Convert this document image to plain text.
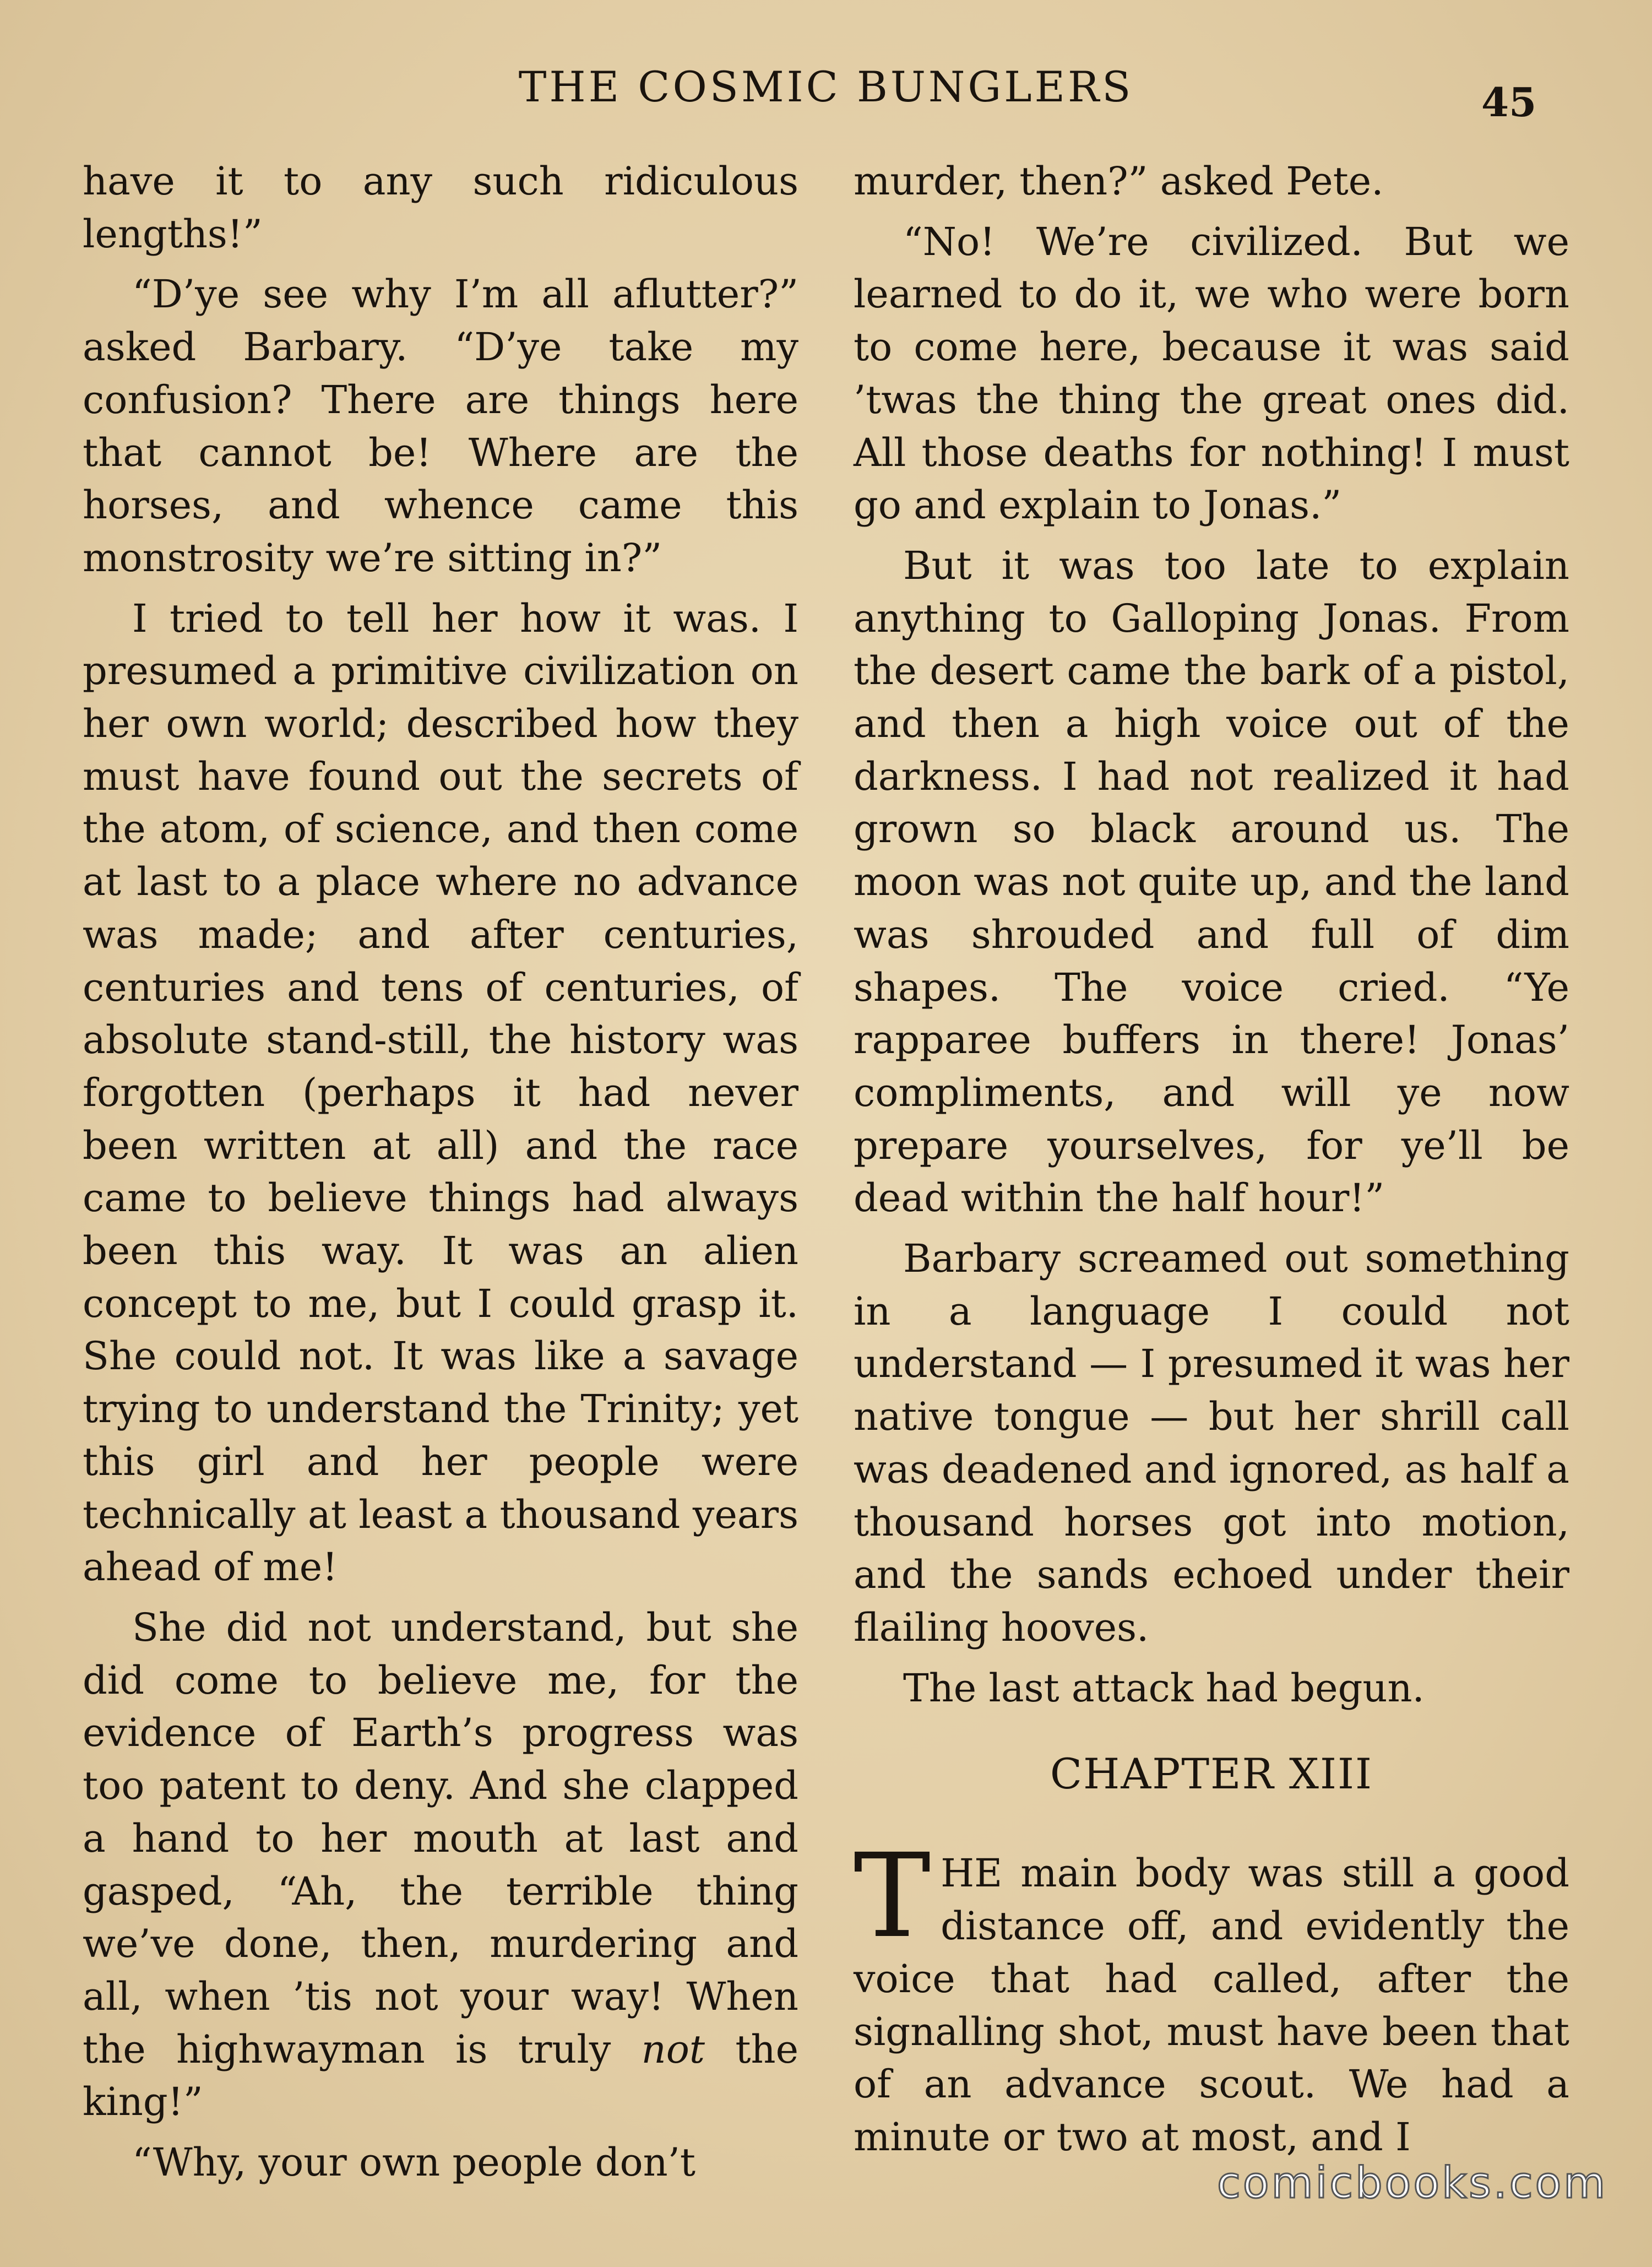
THE COSMIC BUNGLERS	45

have it to any such ridiculous lengths!”

“D’ye see why I’m all aflutter?” asked Barbary. “D’ye take my confusion? There are things here that cannot be! Where are the horses, and whence came this monstrosity we’re sitting in?”

I tried to tell her how it was. I presumed a primitive civilization on her own world; described how they must have found out the secrets of the atom, of science, and then come at last to a place where no advance was made; and after centuries, centuries and tens of centuries, of absolute stand-still, the history was forgotten (perhaps it had never been written at all) and the race came to believe things had always been this way. It was an alien concept to me, but I could grasp it. She could not. It was like a savage trying to understand the Trinity; yet this girl and her people were technically at least a thousand years ahead of me!

She did not understand, but she did come to believe me, for the evidence of Earth’s progress was too patent to deny. And she clapped a hand to her mouth at last and gasped, “Ah, the terrible thing we’ve done, then, murdering and all, when ’tis not your way! When the highwayman is truly not the king!”

“Why, your own people don’t

murder, then?” asked Pete.

“No! We’re civilized. But we learned to do it, we who were born to come here, because it was said ’twas the thing the great ones did. All those deaths for nothing! I must go and explain to Jonas.”

But it was too late to explain anything to Galloping Jonas. From the desert came the bark of a pistol, and then a high voice out of the darkness. I had not realized it had grown so black around us. The moon was not quite up, and the land was shrouded and full of dim shapes. The voice cried. “Ye rapparee buffers in there! Jonas’ compliments, and will ye now prepare yourselves, for ye’ll be dead within the half hour!”

Barbary screamed out something in a language I could not understand — I presumed it was her native tongue — but her shrill call was deadened and ignored, as half a thousand horses got into motion, and the sands echoed under their flailing hooves.

The last attack had begun.

CHAPTER XIII

THE main body was still a good distance off, and evidently the voice that had called, after the signalling shot, must have been that of an advance scout. We had a minute or two at most, and I

comicbooks.com
